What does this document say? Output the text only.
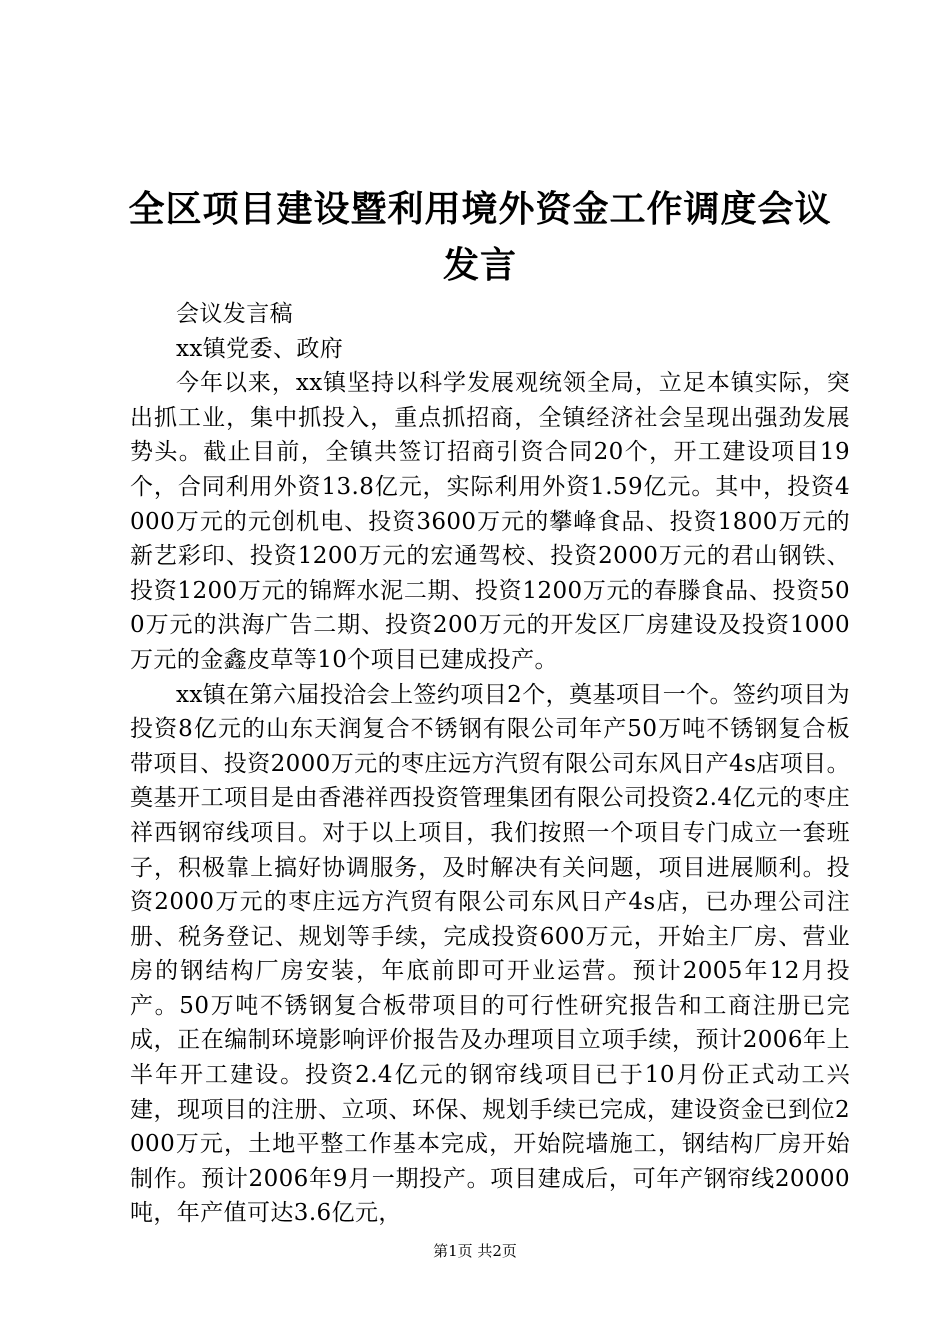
全区项目建设暨利用境外资金工作调度会议发言

会议发言稿

xx镇党委、政府

今年以来，xx镇坚持以科学发展观统领全局，立足本镇实际，突出抓工业，集中抓投入，重点抓招商，全镇经济社会呈现出强劲发展势头。截止目前，全镇共签订招商引资合同20个，开工建设项目19个，合同利用外资13.8亿元，实际利用外资1.59亿元。其中，投资4000万元的元创机电、投资3600万元的攀峰食品、投资1800万元的新艺彩印、投资1200万元的宏通驾校、投资2000万元的君山钢铁、投资1200万元的锦辉水泥二期、投资1200万元的春滕食品、投资500万元的洪海广告二期、投资200万元的开发区厂房建设及投资1000万元的金鑫皮草等10个项目已建成投产。

xx镇在第六届投洽会上签约项目2个，奠基项目一个。签约项目为投资8亿元的山东天润复合不锈钢有限公司年产50万吨不锈钢复合板带项目、投资2000万元的枣庄远方汽贸有限公司东风日产4s店项目。奠基开工项目是由香港祥西投资管理集团有限公司投资2.4亿元的枣庄祥西钢帘线项目。对于以上项目，我们按照一个项目专门成立一套班子，积极靠上搞好协调服务，及时解决有关问题，项目进展顺利。投资2000万元的枣庄远方汽贸有限公司东风日产4s店，已办理公司注册、税务登记、规划等手续，完成投资600万元，开始主厂房、营业房的钢结构厂房安装，年底前即可开业运营。预计2005年12月投产。50万吨不锈钢复合板带项目的可行性研究报告和工商注册已完成，正在编制环境影响评价报告及办理项目立项手续，预计2006年上半年开工建设。投资2.4亿元的钢帘线项目已于10月份正式动工兴建，现项目的注册、立项、环保、规划手续已完成，建设资金已到位2000万元，土地平整工作基本完成，开始院墙施工，钢结构厂房开始制作。预计2006年9月一期投产。项目建成后，可年产钢帘线20000吨，年产值可达3.6亿元，

第1页 共2页
